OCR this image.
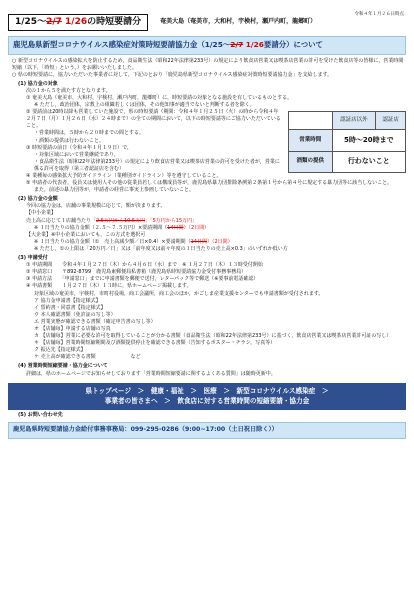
令和４年１月２６日時点
1/25～2/7 1/26の時短要請分	奄美大島（奄美市，大和村，宇検村，瀬戸内町，龍郷町）
鹿児島県新型コロナウイルス感染症対策時短要請協力金（1/25～2/7 1/26要請分）について

○ 新型コロナウイルスの感染拡大を防止するため，食品衛生法（昭和22年法律第233号）の規定により飲食店営業又は喫茶店営業の許可を受けた飲食店等の皆様に，営業時間短縮（以下，「時短」という。）をお願いいたしました。

○ 県の時短要請に，協力いただいた事業者に対して，下記のとおり「鹿児島県新型コロナウイルス感染症対策時短要請協力金」を支給します。

(1) 協力金の対象
次の１から５を満たす方となります。
① 奄美大島（奄美市，大和村，宇検村，瀬戸内町，龍郷町）に，時短要請の対象となる施設を有しているものとする。
※ ただし，政治団体，宗教上の組織若しくは団体，その他知事が適当でないと判断する者を除く。
② 要請前は20時以降も営業していた施設で，県の時短要請（期間：令和４年１月２５日（火）の時から令和４年
２月７日（月）１月２６日（水）２４時まで）の全ての期間において，以下の時短要請等にご協力いただいていること。
・営業時間は，５時から２０時までの間とする。
・酒類の提供は行わないこと。
③ 時短要請の前日（令和４年１月１９日）で，
・対象区域において営業継続であり，
・食品衛生法（昭和22年法律第233号）の規定により飲食店営業又は喫茶店営業の許可を受けた者が，営業に係る許可を取得（第三者認証店を含む）
	認証店以外	認証店
営業時間	5時～20時まで	
酒類の提供	行わないこと	
④ 業種毎の感染拡大予防ガイドライン（業種別ガイドライン）等を遵守していること。
⑤ 申請者の代表者，役員又は使用人その他の従業員若しくは構成員等が，鹿児島県暴力団排除条例第２条第１号から第４号に規定する暴力団等に該当しないこと。
また，前述の暴力団等が，申請者の経営に事実上参画していないこと。
(2) 協力金の金額
今回の協力金は，店舗の事業規模に応じて，額が決まります。
【中小企業】
売上高に応じて１店舗当たり「2.5万円から10.5万円」「5万円から15万円」
※ １日当たりの協力金額（２.５～７.５万円）×要請期間（14日間）（2日間）
【大企業】※中小企業においても，この方式を選択可
※ １日当たりの協力金額（①　売上高減少額／日×0.4）×要請期間（14日間）（2日間）
※ ただし，①の上限は「20万円／日」又は「前年度又は前々年度の１日当たりの売上高×0.3」のいずれか低い方
(3) 申請受付
① 申請期間　　令和４年１月２７日（木）から４月６日（水）まで　※ １月２７日（木）１３時受付開始
② 申請窓口　　〒892-8799　鹿児島東郵便局私書箱（鹿児島県時短要請協力金受付事務事務局）
③ 申請方法　　「申請窓口」までに申請書類を郵便で送付，レターパック等で郵送（※要事前電話確認）
④ 申請書類　　１月２７日（木）１３時に，県ホームページ掲載します。
対象区域の奄美市，宇検村，市町村役場，商工会議所，商工会のほか，かごしま産業支援センターでも申請書類が受付されます。
ア 協力金申請書【指定様式】
イ 誓約書・同意書【指定様式】
ウ 本人確認書類（免許証の写し等）
エ 営業実態が確認できる書類（確定申告書の写し等）
オ 【店舗毎】申請する店舗の写真
カ 【店舗毎】営業に必要な許可を取得していることが分かる書類（食品衛生法（昭和22年法律第233号）に基づく，飲食店営業又は喫茶店営業許可証の写し）
キ 【店舗毎】営業時間短縮期間及び酒類提供停止を確認できる書類（告知するポスター・チラシ，写真等）
ク 振込先【指定様式】
ケ 売上高が確認できる書類　　　　　　　など
(4) 営業時間短縮要請・協力金について
詳細は，県のホームページでお知らせしております「営業時間短縮要請に関するよくある質問」は随時更新中。
県トップページ　＞　健康・福祉　＞　医療　＞　新型コロナウイルス感染症　＞
事業者の皆さまへ　＞　飲食店に対する営業時間の短縮要請・協力金
(5) お問い合わせ先
鹿児島県時短要請協力金給付事務事務局：099-295-0286（9:00~17:00（土日祝日除く））
